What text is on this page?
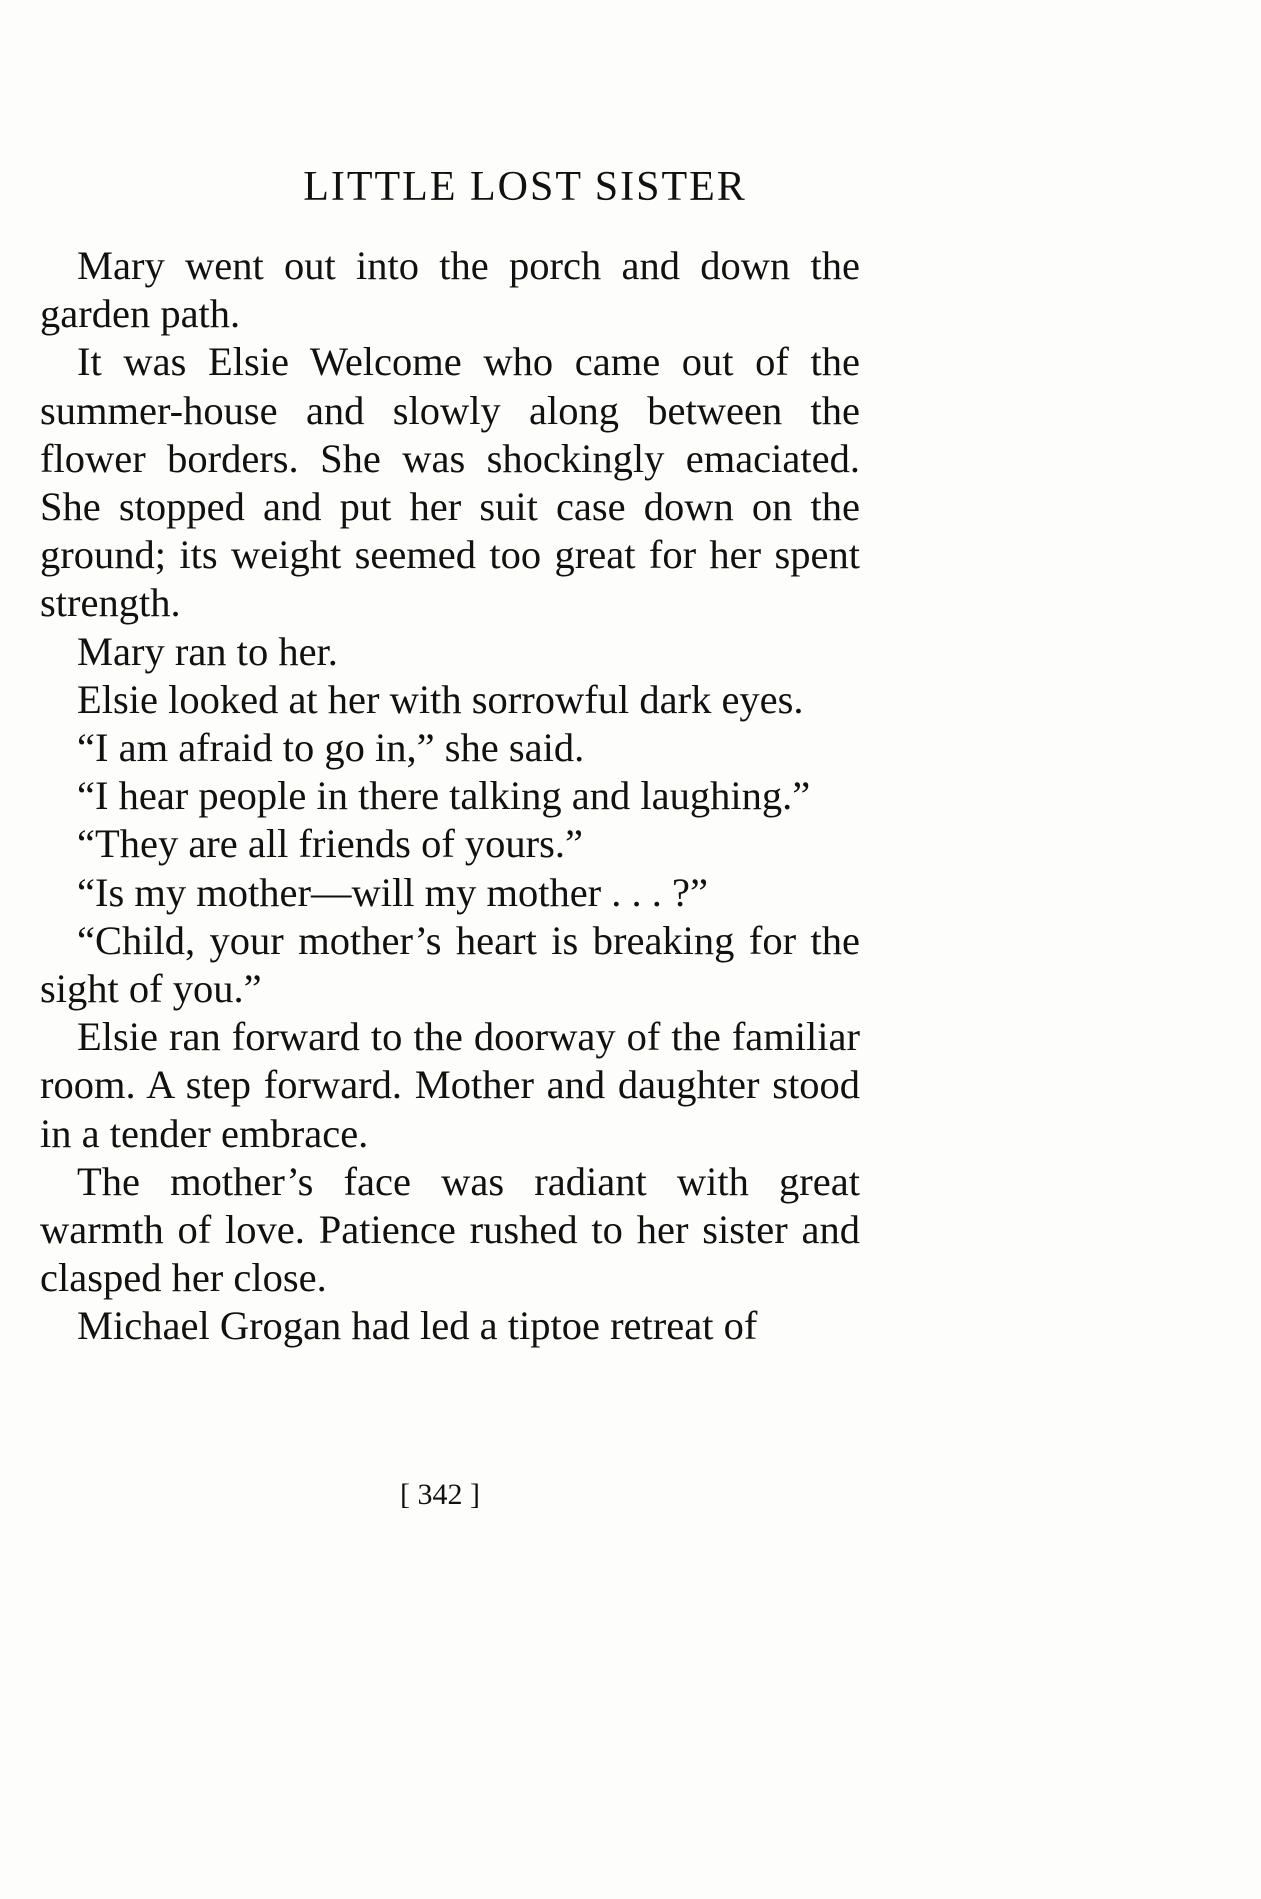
LITTLE LOST SISTER

Mary went out into the porch and down the garden path.

It was Elsie Welcome who came out of the summer-house and slowly along between the flower borders. She was shockingly emaciated. She stopped and put her suit case down on the ground; its weight seemed too great for her spent strength.

Mary ran to her.

Elsie looked at her with sorrowful dark eyes.

“I am afraid to go in,” she said.

“I hear people in there talking and laughing.”

“They are all friends of yours.”

“Is my mother—will my mother . . . ?”

“Child, your mother’s heart is breaking for the sight of you.”

Elsie ran forward to the doorway of the familiar room. A step forward. Mother and daughter stood in a tender embrace.

The mother’s face was radiant with great warmth of love. Patience rushed to her sister and clasped her close.

Michael Grogan had led a tiptoe retreat of

[ 342 ]
